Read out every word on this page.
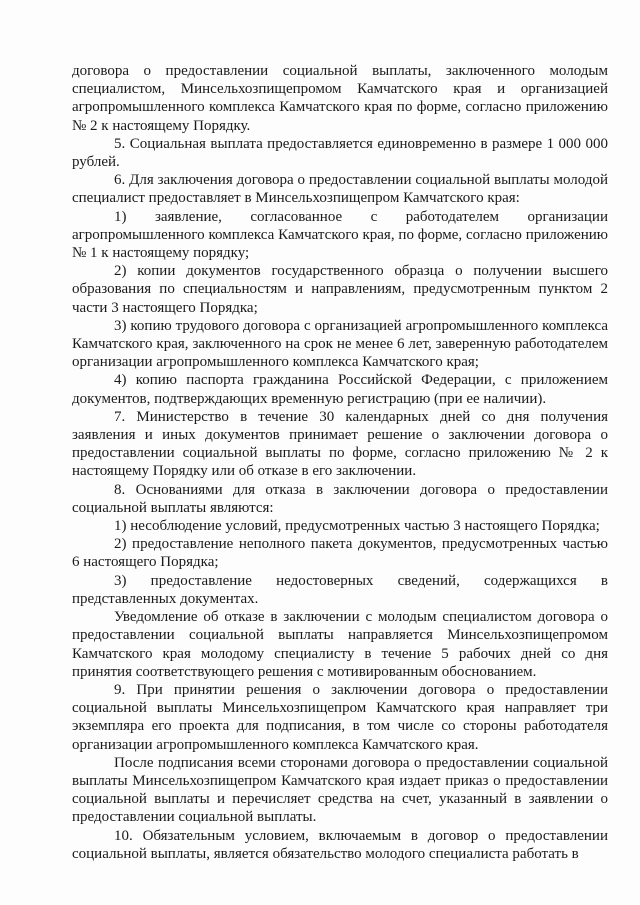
договора о предоставлении социальной выплаты, заключенного молодым специалистом, Минсельхозпищепромом Камчатского края и организацией агропромышленного комплекса Камчатского края по форме, согласно приложению № 2 к настоящему Порядку.

5. Социальная выплата предоставляется единовременно в размере 1 000 000 рублей.

6. Для заключения договора о предоставлении социальной выплаты молодой специалист предоставляет в Минсельхозпищепром Камчатского края:

1) заявление, согласованное с работодателем организации агропромышленного комплекса Камчатского края, по форме, согласно приложению № 1 к настоящему порядку;

2) копии документов государственного образца о получении высшего образования по специальностям и направлениям, предусмотренным пунктом 2 части 3 настоящего Порядка;

3) копию трудового договора с организацией агропромышленного комплекса Камчатского края, заключенного на срок не менее 6 лет, заверенную работодателем организации агропромышленного комплекса Камчатского края;

4) копию паспорта гражданина Российской Федерации, с приложением документов, подтверждающих временную регистрацию (при ее наличии).

7. Министерство в течение 30 календарных дней со дня получения заявления и иных документов принимает решение о заключении договора о предоставлении социальной выплаты по форме, согласно приложению № 2 к настоящему Порядку или об отказе в его заключении.

8. Основаниями для отказа в заключении договора о предоставлении социальной выплаты являются:

1) несоблюдение условий, предусмотренных частью 3 настоящего Порядка;

2) предоставление неполного пакета документов, предусмотренных частью 6 настоящего Порядка;

3) предоставление недостоверных сведений, содержащихся в представленных документах.

Уведомление об отказе в заключении с молодым специалистом договора о предоставлении социальной выплаты направляется Минсельхозпищепромом Камчатского края молодому специалисту в течение 5 рабочих дней со дня принятия соответствующего решения с мотивированным обоснованием.

9. При принятии решения о заключении договора о предоставлении социальной выплаты Минсельхозпищепром Камчатского края направляет три экземпляра его проекта для подписания, в том числе со стороны работодателя организации агропромышленного комплекса Камчатского края.

После подписания всеми сторонами договора о предоставлении социальной выплаты Минсельхозпищепром Камчатского края издает приказ о предоставлении социальной выплаты и перечисляет средства на счет, указанный в заявлении о предоставлении социальной выплаты.

10. Обязательным условием, включаемым в договор о предоставлении социальной выплаты, является обязательство молодого специалиста работать в
